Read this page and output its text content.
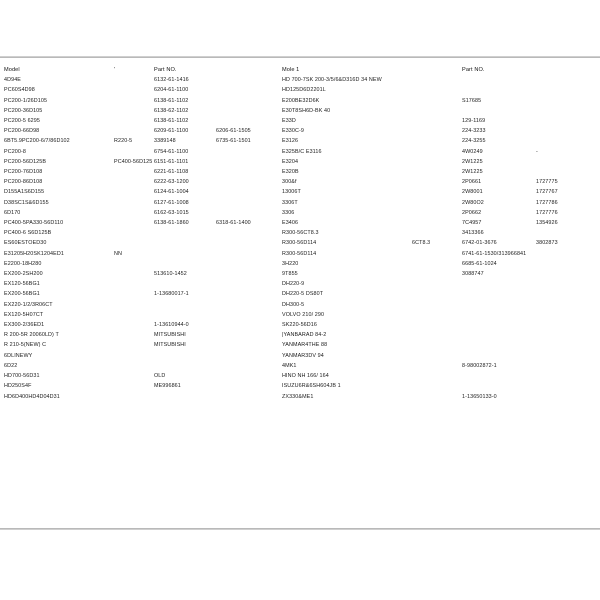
Model	'	Part NO.			Mole 1		Part NO.	
4D94E		6132-61-1416			HD 700-7SK 200-3/5/6&D316D 34 NEW			
PC60S4D98		6204-61-1100			HD125D6D2201L			
PC200-1/26D105		6138-61-1102			E200BE32D6K		S17685	
PC200-36D105		6138-62-1102			E30T8SH6D-BK 40			
PC200-5 6295		6138-61-1102			E33D		129-1169	
PC200-66D98		6209-61-1100	6206-61-1505		E330C-9		224-3233	
6BT5.9PC200-6/7/86D102	R220-5	3389148	6735-61-1501		E3126		224-3255	
PC200-8		6754-61-1100			E325B/C E3116		4W0249	-
PC200-56D125B	PC400-56D125	6151-61-1101			E3204		2W1225	
PC200-76D108		6221-61-1108			E320B		2W1225	
PC200-86D108		6222-63-1200			300&f		2P0661	1727775
D155A1S6D155		6124-61-1004			13006T		2W8001	1727767
D38SC1S&6D155		6127-61-1008			3306T		2W80O2	1727786
6D170		6162-63-1015			3306		2P0662	1727776
PC400-5PA330-56D110		6138-61-1860	6318-61-1400		E3406		7C4957	1354926
PC400-6 S6D125B					R300-56CT8.3		3413366	
ES60ESTOED30					R300-56D114	6CT8.3	6742-01-3676	3802873
E31205H20SK1204ED1	NN				R300-56D114		6741-61-1530/313966841	
E2200-18H280					3H220		6685-61-1024	
EX200-2SH200		513610-1452			9T855		3088747	
EX120-56BG1					DH220-9			
EX200-56BG1		1-13680017-1			DH220-5 DS80T			
EX220-1/2/3R06CT					DH300-5			
EX120-5H07CT					VOLVO 210/ 290			
EX300-2/36ED1		1-13610944-0			SK220-56D16			
R 200-5R 20060LD) T		MITSUBISHI			|YANBARAD 84-2			
R 210-5(NEW) C		MITSUBISHI			YANMAR4THE 88			
6DLINEWY					YANMAR3DV 94			
6D22					4MK1		8-98002872-1	
HD700-56D31		OLD			HINO NH 166/ 164			
HD250S4F		ME996861			ISUZU6R&6SH604JB 1			
HD6D400HD4D04D31					ZX330&ME1		1-13650133-0	
